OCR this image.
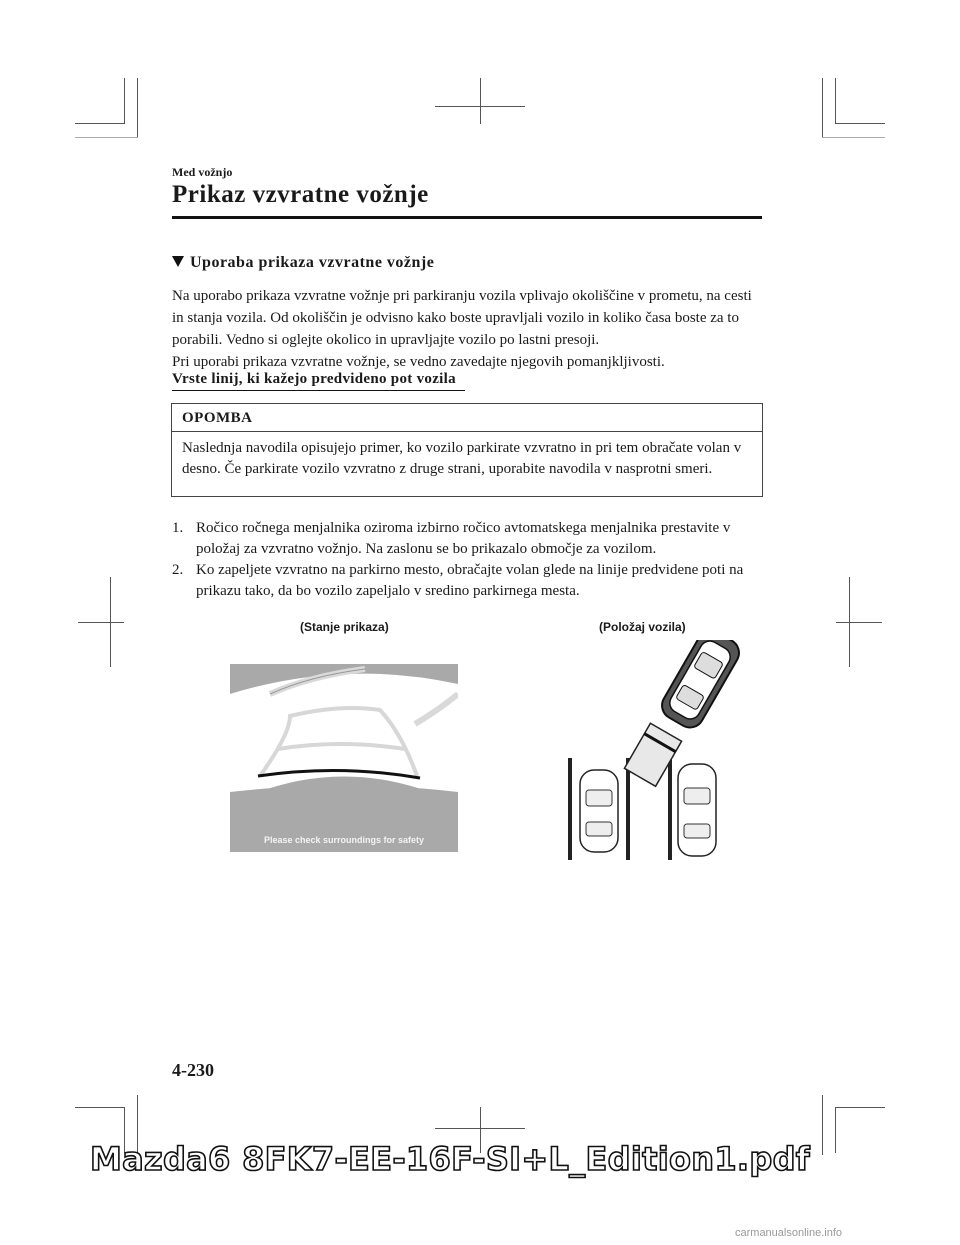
Med vožnjo
Prikaz vzvratne vožnje
Uporaba prikaza vzvratne vožnje

Na uporabo prikaza vzvratne vožnje pri parkiranju vozila vplivajo okoliščine v prometu, na cesti in stanja vozila. Od okoliščin je odvisno kako boste upravljali vozilo in koliko časa boste za to porabili. Vedno si oglejte okolico in upravljajte vozilo po lastni presoji.

Pri uporabi prikaza vzvratne vožnje, se vedno zavedajte njegovih pomanjkljivosti.

Vrste linij, ki kažejo predvideno pot vozila
OPOMBA
Naslednja navodila opisujejo primer, ko vozilo parkirate vzvratno in pri tem obračate volan v desno. Če parkirate vozilo vzvratno z druge strani, uporabite navodila v nasprotni smeri.
1. Ročico ročnega menjalnika oziroma izbirno ročico avtomatskega menjalnika prestavite v položaj za vzvratno vožnjo. Na zaslonu se bo prikazalo območje za vozilom.
2. Ko zapeljete vzvratno na parkirno mesto, obračajte volan glede na linije predvidene poti na prikazu tako, da bo vozilo zapeljalo v sredino parkirnega mesta.
(Stanje prikaza)	(Položaj vozila)
Please check surroundings for safety
4-230
Mazda6 8FK7-EE-16F-SI+L_Edition1.pdf
carmanualsonline.info
